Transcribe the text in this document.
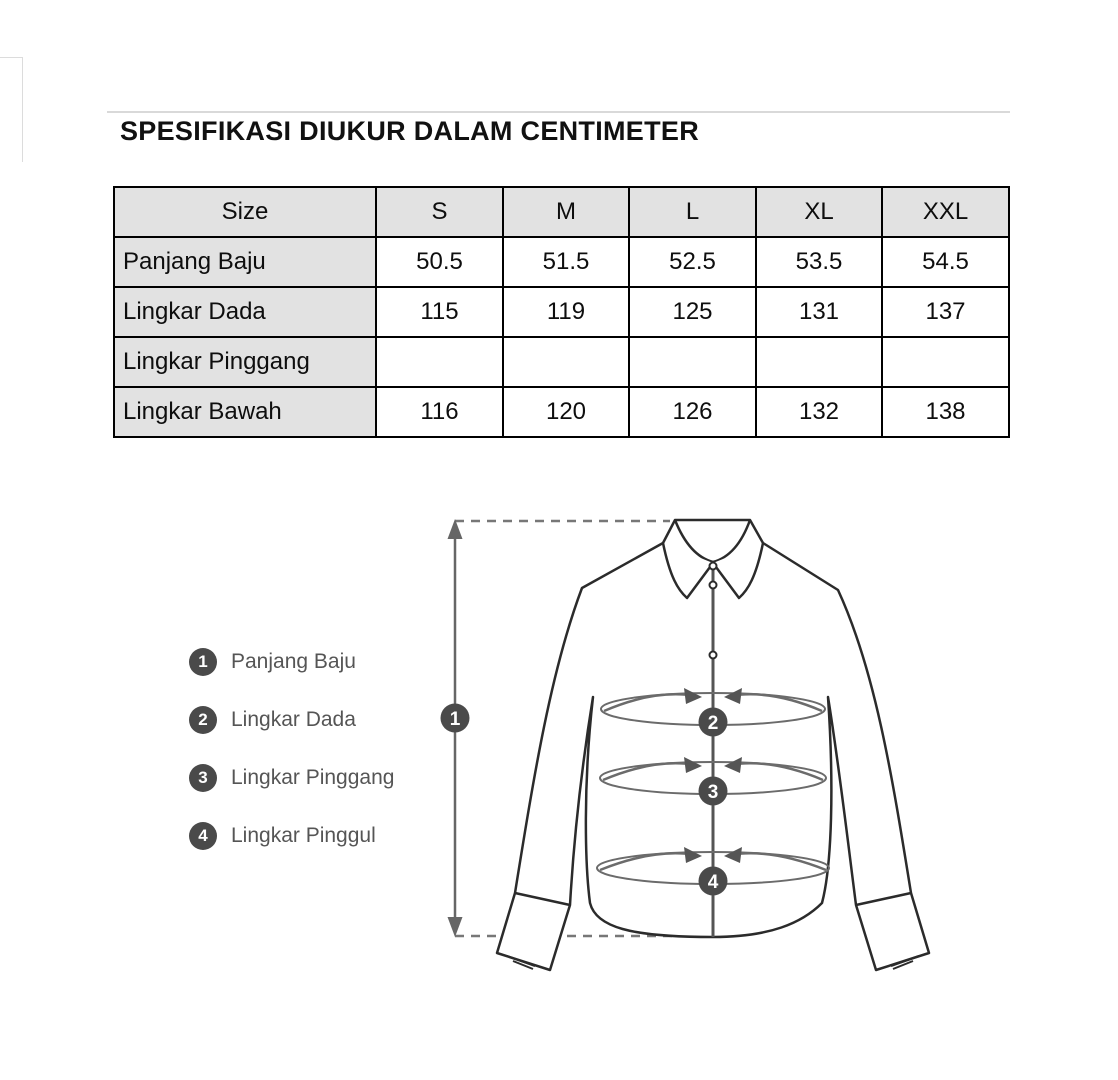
SPESIFIKASI DIUKUR DALAM CENTIMETER
Size	S	M	L	XL	XXL
Panjang Baju	50.5	51.5	52.5	53.5	54.5
Lingkar Dada	115	119	125	131	137
Lingkar Pinggang					
Lingkar Bawah	116	120	126	132	138
1	Panjang Baju
2	Lingkar Dada
3	Lingkar Pinggang
4	Lingkar Pinggul
1	2
3
4
